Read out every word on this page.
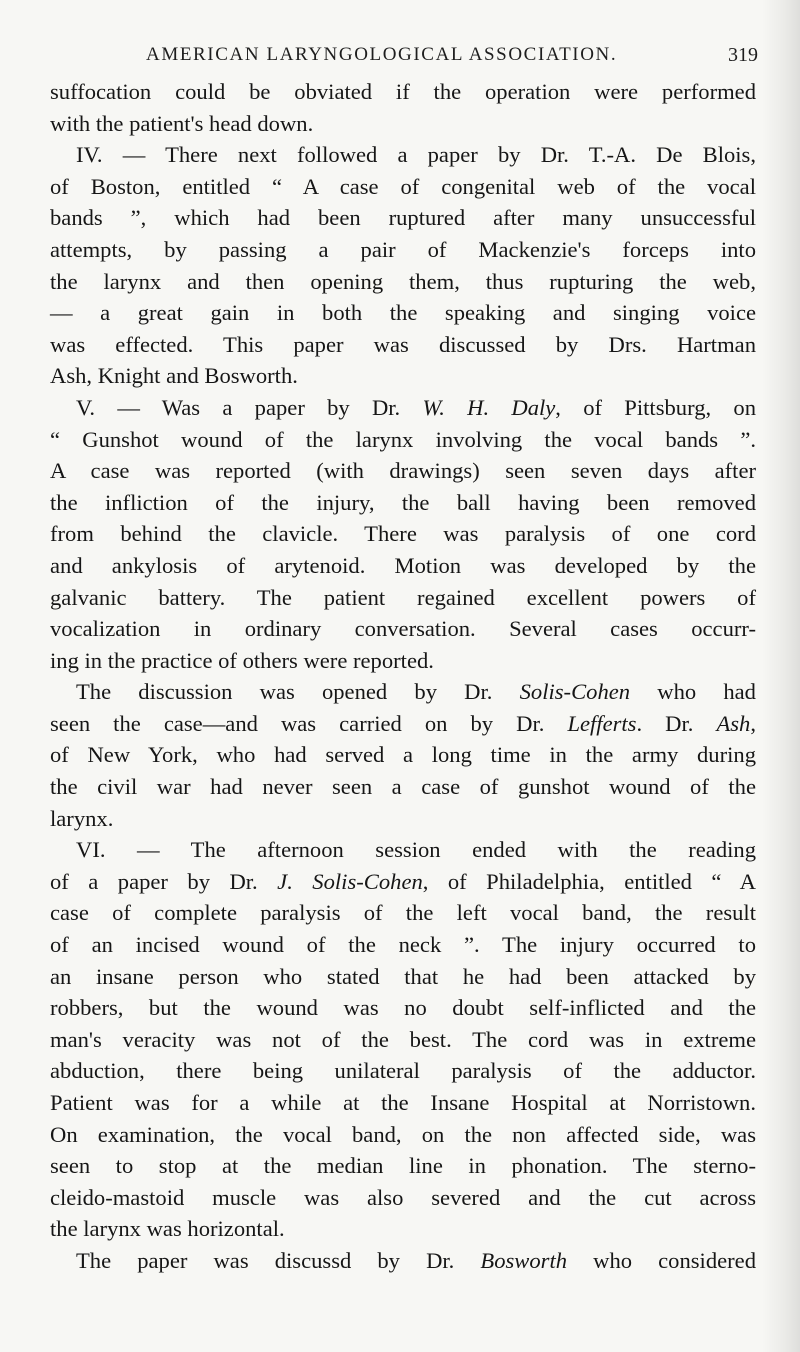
AMERICAN LARYNGOLOGICAL ASSOCIATION.	319
suffocation could be obviated if the operation were performed
with the patient's head down.
IV. — There next followed a paper by Dr. T.-A. De Blois,
of Boston, entitled “ A case of congenital web of the vocal
bands ”, which had been ruptured after many unsuccessful
attempts, by passing a pair of Mackenzie's forceps into
the larynx and then opening them, thus rupturing the web,
— a great gain in both the speaking and singing voice
was effected. This paper was discussed by Drs. Hartman
Ash, Knight and Bosworth.
V. — Was a paper by Dr. W. H. Daly, of Pittsburg, on
“ Gunshot wound of the larynx involving the vocal bands ”.
A case was reported (with drawings) seen seven days after
the infliction of the injury, the ball having been removed
from behind the clavicle. There was paralysis of one cord
and ankylosis of arytenoid. Motion was developed by the
galvanic battery. The patient regained excellent powers of
vocalization in ordinary conversation. Several cases occurr-
ing in the practice of others were reported.
The discussion was opened by Dr. Solis-Cohen who had
seen the case—and was carried on by Dr. Lefferts. Dr. Ash,
of New York, who had served a long time in the army during
the civil war had never seen a case of gunshot wound of the
larynx.
VI. — The afternoon session ended with the reading
of a paper by Dr. J. Solis-Cohen, of Philadelphia, entitled “ A
case of complete paralysis of the left vocal band, the result
of an incised wound of the neck ”. The injury occurred to
an insane person who stated that he had been attacked by
robbers, but the wound was no doubt self-inflicted and the
man's veracity was not of the best. The cord was in extreme
abduction, there being unilateral paralysis of the adductor.
Patient was for a while at the Insane Hospital at Norristown.
On examination, the vocal band, on the non affected side, was
seen to stop at the median line in phonation. The sterno-
cleido-mastoid muscle was also severed and the cut across
the larynx was horizontal.
The paper was discussd by Dr. Bosworth who considered
